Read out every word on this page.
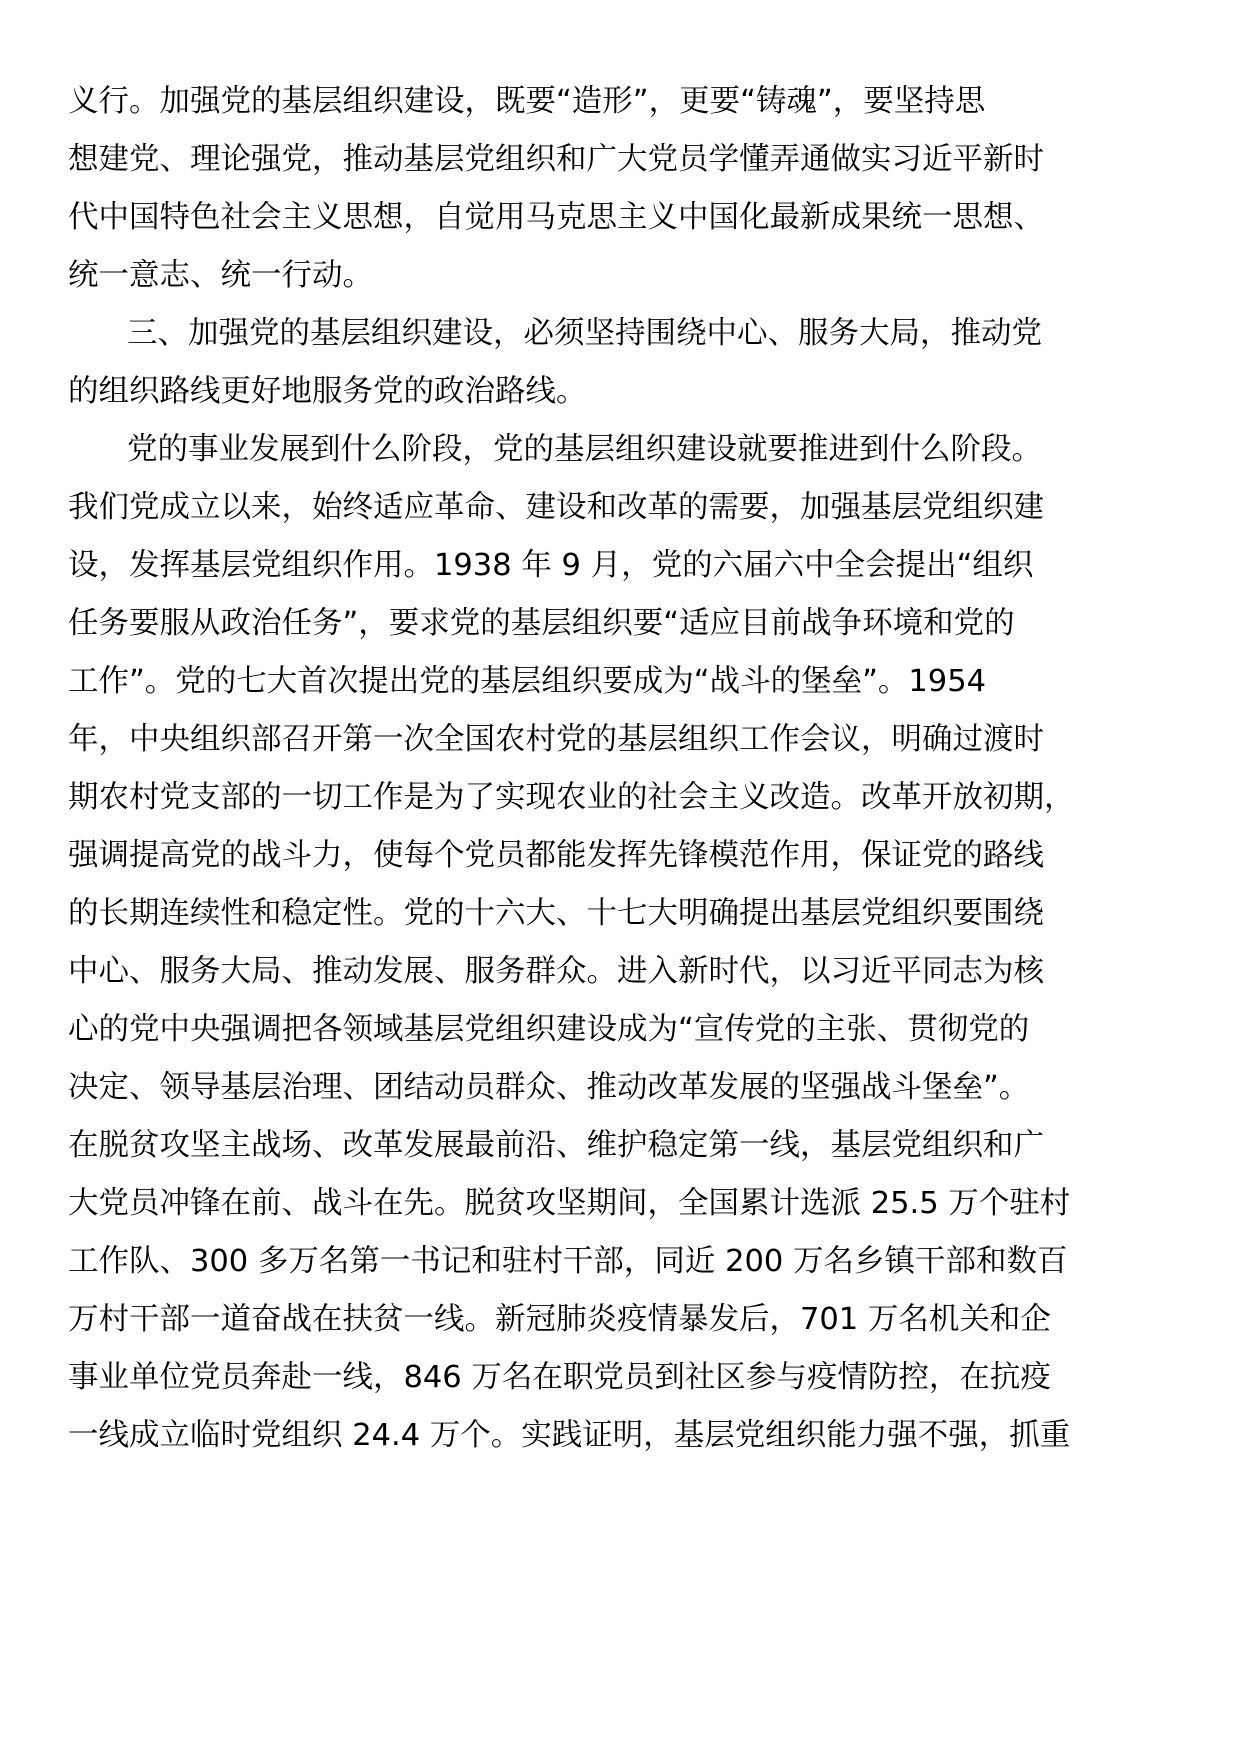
义行。加强党的基层组织建设，既要“造形”，更要“铸魂”，要坚持思
想建党、理论强党，推动基层党组织和广大党员学懂弄通做实习近平新时
代中国特色社会主义思想，自觉用马克思主义中国化最新成果统一思想、
统一意志、统一行动。
三、加强党的基层组织建设，必须坚持围绕中心、服务大局，推动党
的组织路线更好地服务党的政治路线。
党的事业发展到什么阶段，党的基层组织建设就要推进到什么阶段。
我们党成立以来，始终适应革命、建设和改革的需要，加强基层党组织建
设，发挥基层党组织作用。1938 年 9 月，党的六届六中全会提出“组织
任务要服从政治任务”，要求党的基层组织要“适应目前战争环境和党的
工作”。党的七大首次提出党的基层组织要成为“战斗的堡垒”。1954
年，中央组织部召开第一次全国农村党的基层组织工作会议，明确过渡时
期农村党支部的一切工作是为了实现农业的社会主义改造。改革开放初期，
强调提高党的战斗力，使每个党员都能发挥先锋模范作用，保证党的路线
的长期连续性和稳定性。党的十六大、十七大明确提出基层党组织要围绕
中心、服务大局、推动发展、服务群众。进入新时代，以习近平同志为核
心的党中央强调把各领域基层党组织建设成为“宣传党的主张、贯彻党的
决定、领导基层治理、团结动员群众、推动改革发展的坚强战斗堡垒”。
在脱贫攻坚主战场、改革发展最前沿、维护稳定第一线，基层党组织和广
大党员冲锋在前、战斗在先。脱贫攻坚期间，全国累计选派 25.5 万个驻村
工作队、300 多万名第一书记和驻村干部，同近 200 万名乡镇干部和数百
万村干部一道奋战在扶贫一线。新冠肺炎疫情暴发后，701 万名机关和企
事业单位党员奔赴一线，846 万名在职党员到社区参与疫情防控，在抗疫
一线成立临时党组织 24.4 万个。实践证明，基层党组织能力强不强，抓重
